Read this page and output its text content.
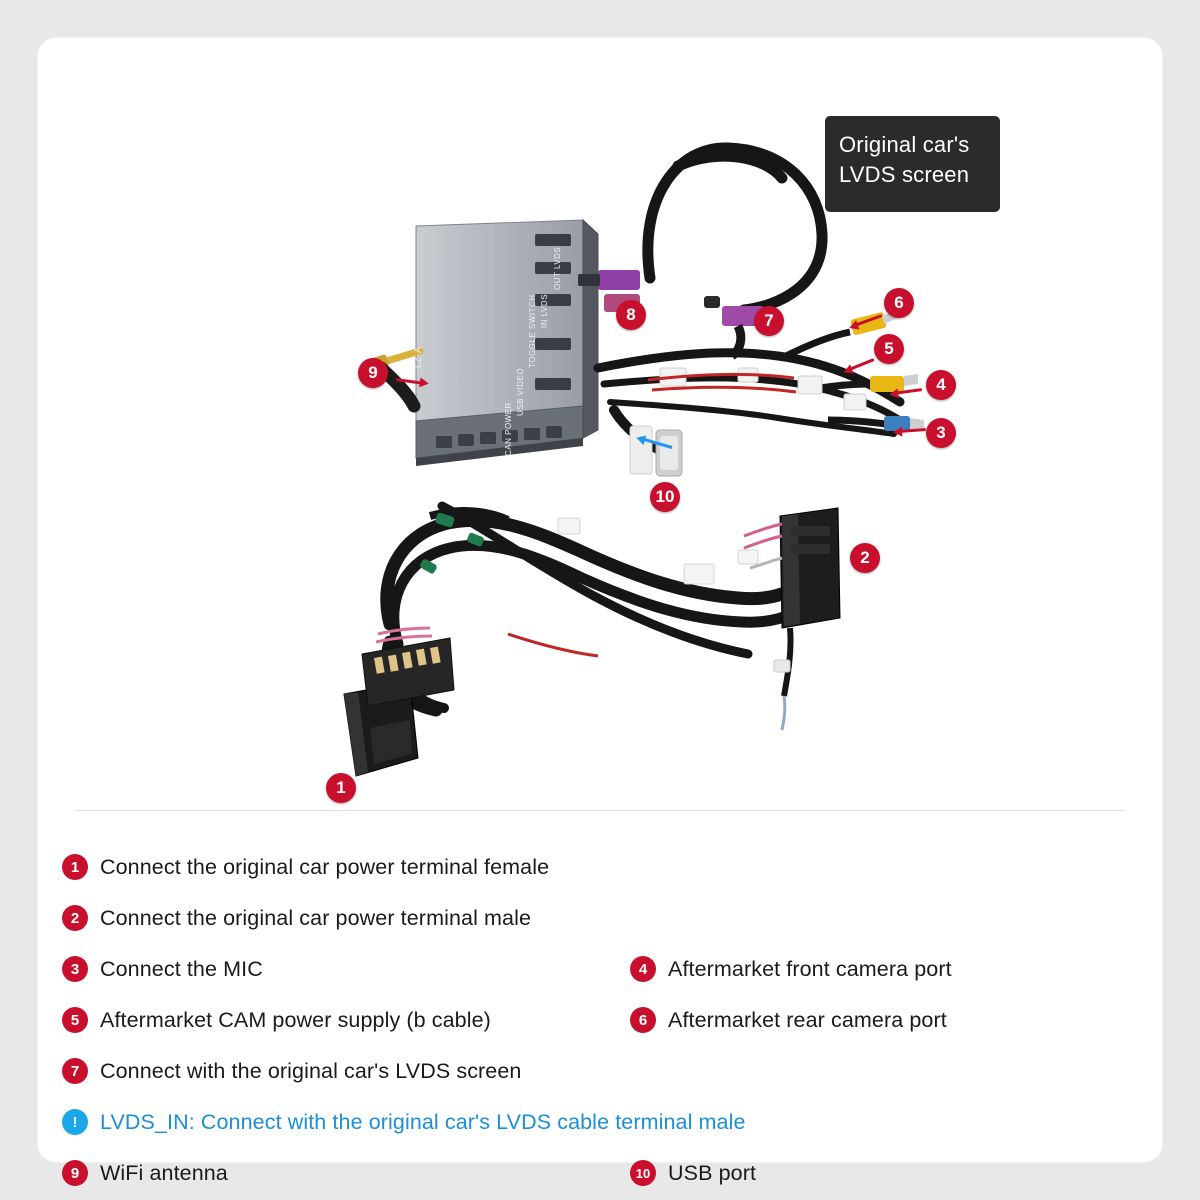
Original car's
LVDS screen
OUT LVDS
IN LVDS
TOGGLE SWITCH
USB VIDEO
CAN POWER
LZ-A
1
2
3
4
5
6
7
8
9
10
1 Connect the original car power terminal female
2 Connect the original car power terminal male
3 Connect the MIC	4 Aftermarket front camera port
5 Aftermarket CAM power supply (b cable)	6 Aftermarket rear camera port
7 Connect with the original car's LVDS screen
!	LVDS_IN: Connect with the original car's LVDS cable terminal male
9 WiFi antenna	10 USB port
